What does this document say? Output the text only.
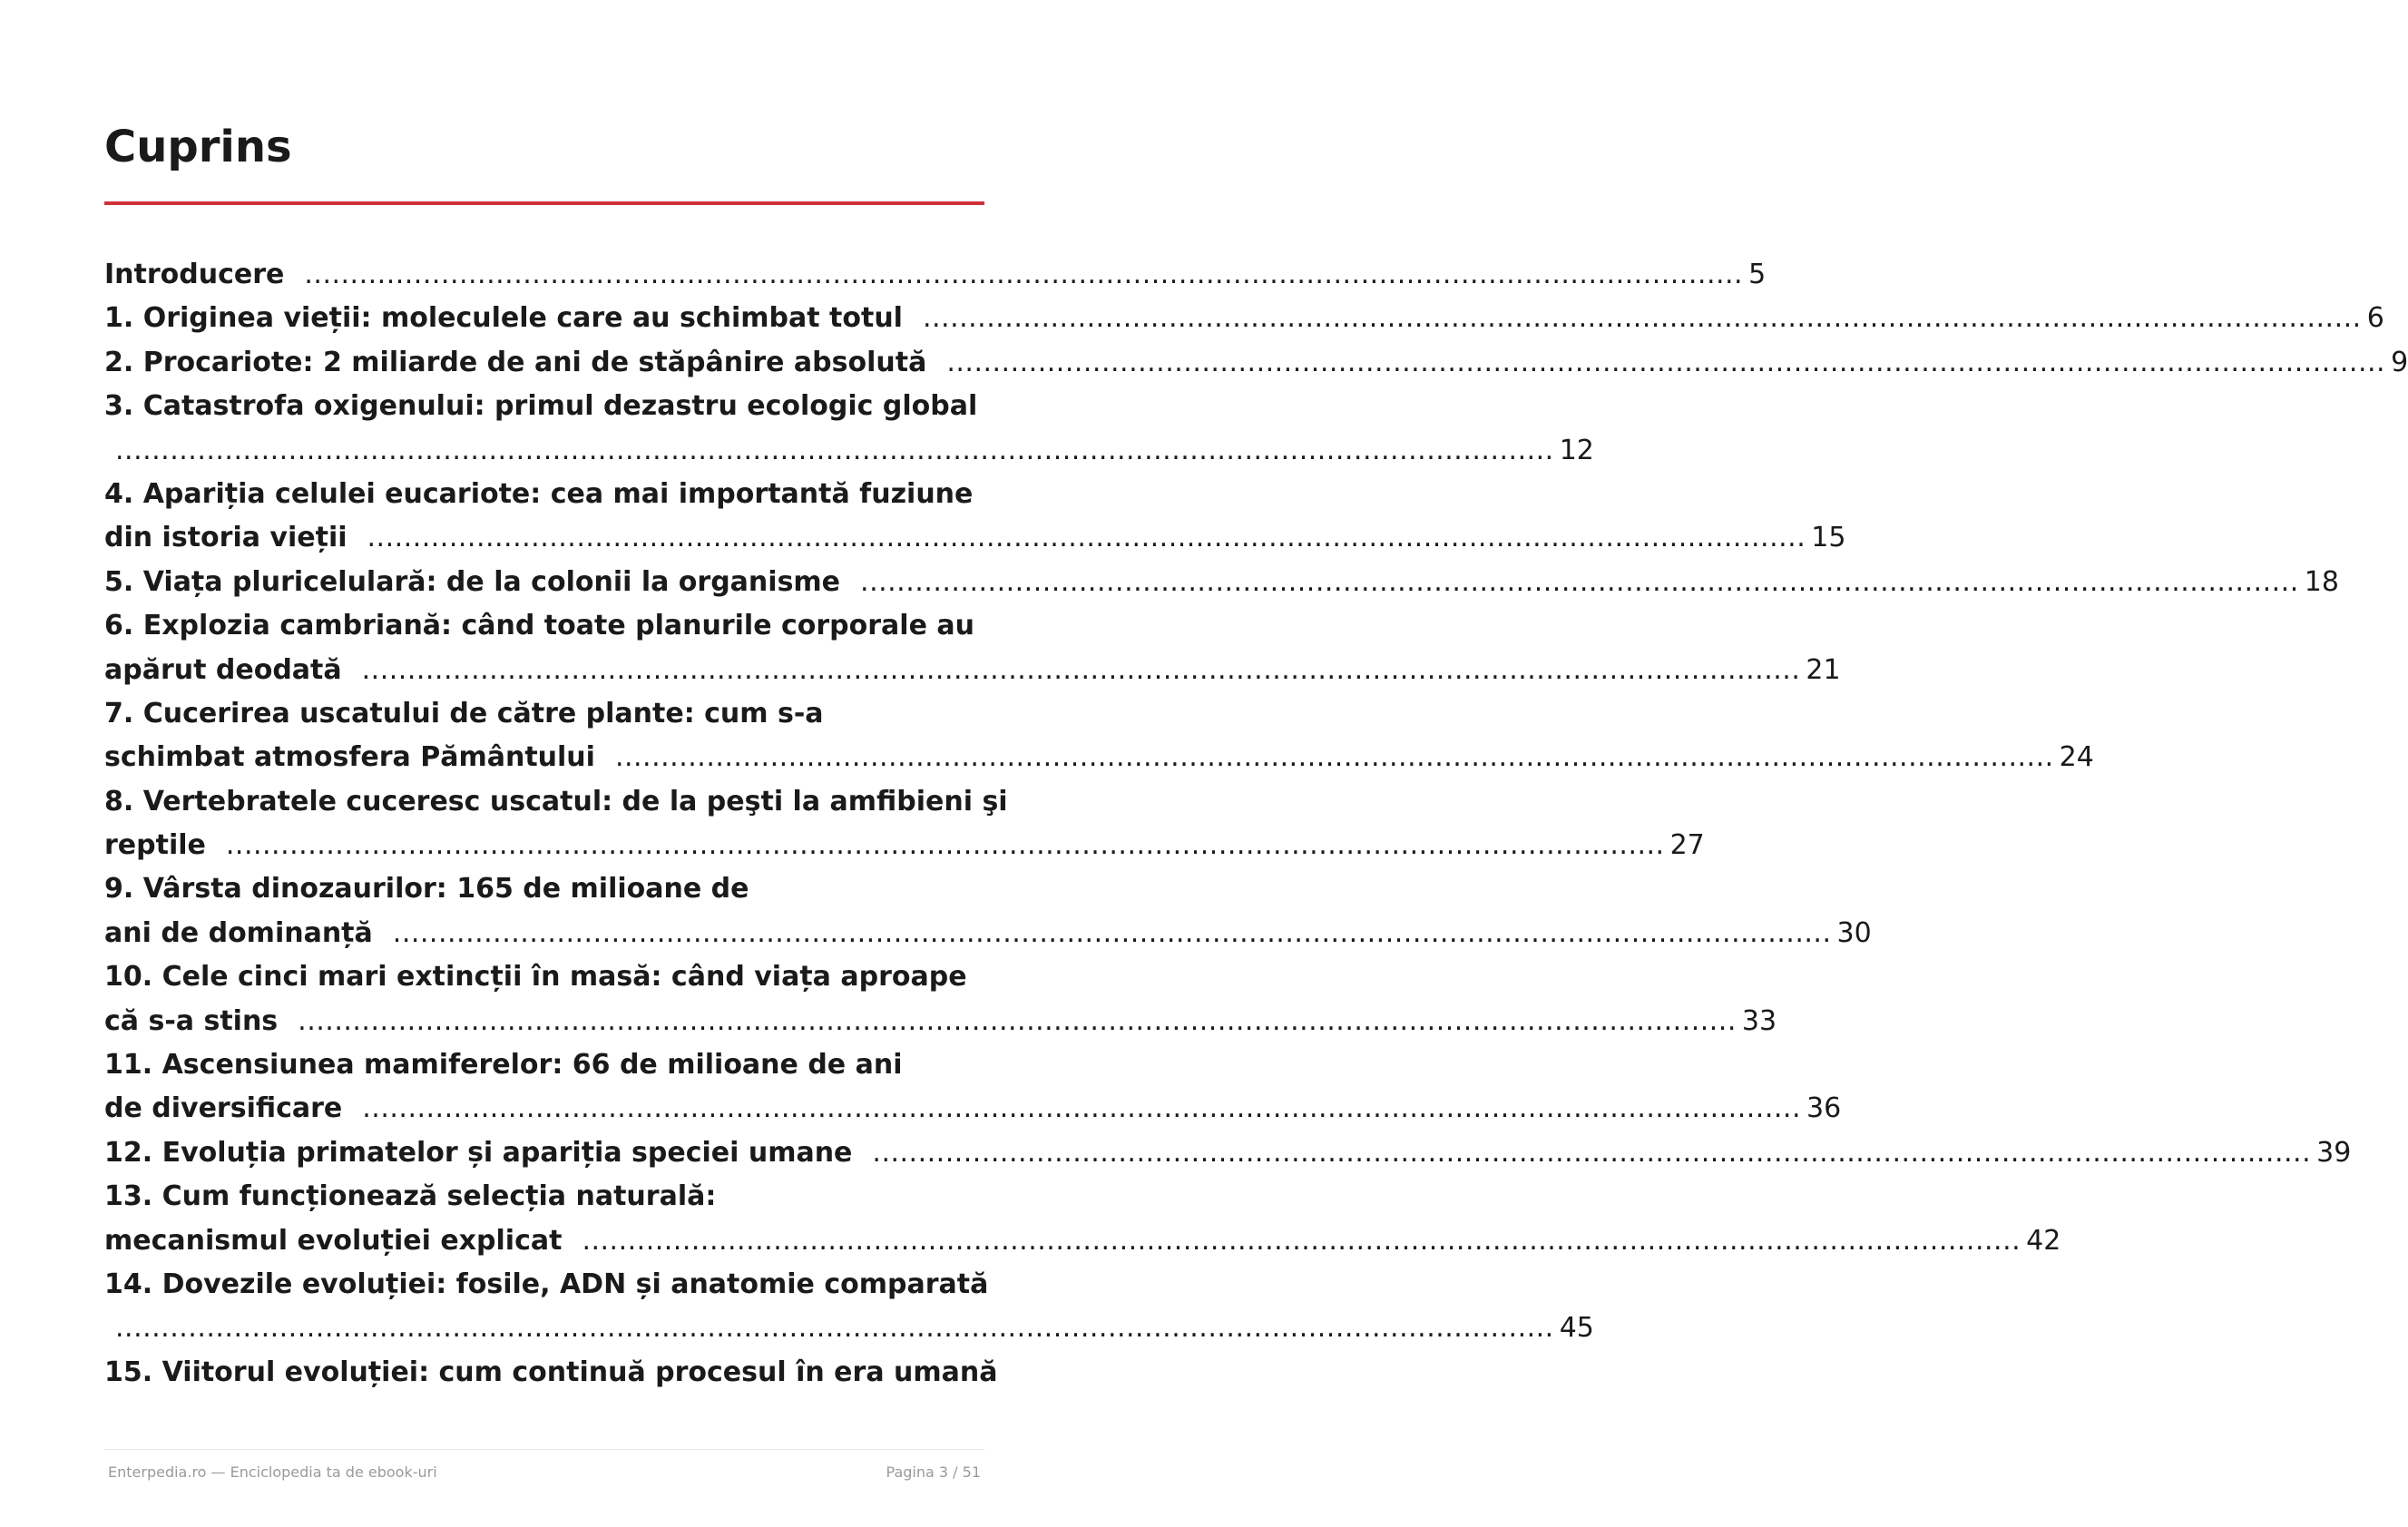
Cuprins
Introducere .............................................................................................................................................................. 5
1. Originea vieții: moleculele care au schimbat totul .............................................................................................................................................................. 6
2. Procariote: 2 miliarde de ani de stăpânire absolută .............................................................................................................................................................. 9
3. Catastrofa oxigenului: primul dezastru ecologic global
.............................................................................................................................................................. 12
4. Apariția celulei eucariote: cea mai importantă fuziune
din istoria vieții .............................................................................................................................................................. 15
5. Viața pluricelulară: de la colonii la organisme .............................................................................................................................................................. 18
6. Explozia cambriană: când toate planurile corporale au
apărut deodată .............................................................................................................................................................. 21
7. Cucerirea uscatului de către plante: cum s-a
schimbat atmosfera Pământului .............................................................................................................................................................. 24
8. Vertebratele cuceresc uscatul: de la peşti la amfibieni şi
reptile .............................................................................................................................................................. 27
9. Vârsta dinozaurilor: 165 de milioane de
ani de dominanță .............................................................................................................................................................. 30
10. Cele cinci mari extincții în masă: când viața aproape
că s-a stins .............................................................................................................................................................. 33
11. Ascensiunea mamiferelor: 66 de milioane de ani
de diversificare .............................................................................................................................................................. 36
12. Evoluția primatelor și apariția speciei umane .............................................................................................................................................................. 39
13. Cum funcționează selecția naturală:
mecanismul evoluției explicat .............................................................................................................................................................. 42
14. Dovezile evoluției: fosile, ADN și anatomie comparată
.............................................................................................................................................................. 45
15. Viitorul evoluției: cum continuă procesul în era umană
Enterpedia.ro — Enciclopedia ta de ebook-uri	Pagina 3 / 51
